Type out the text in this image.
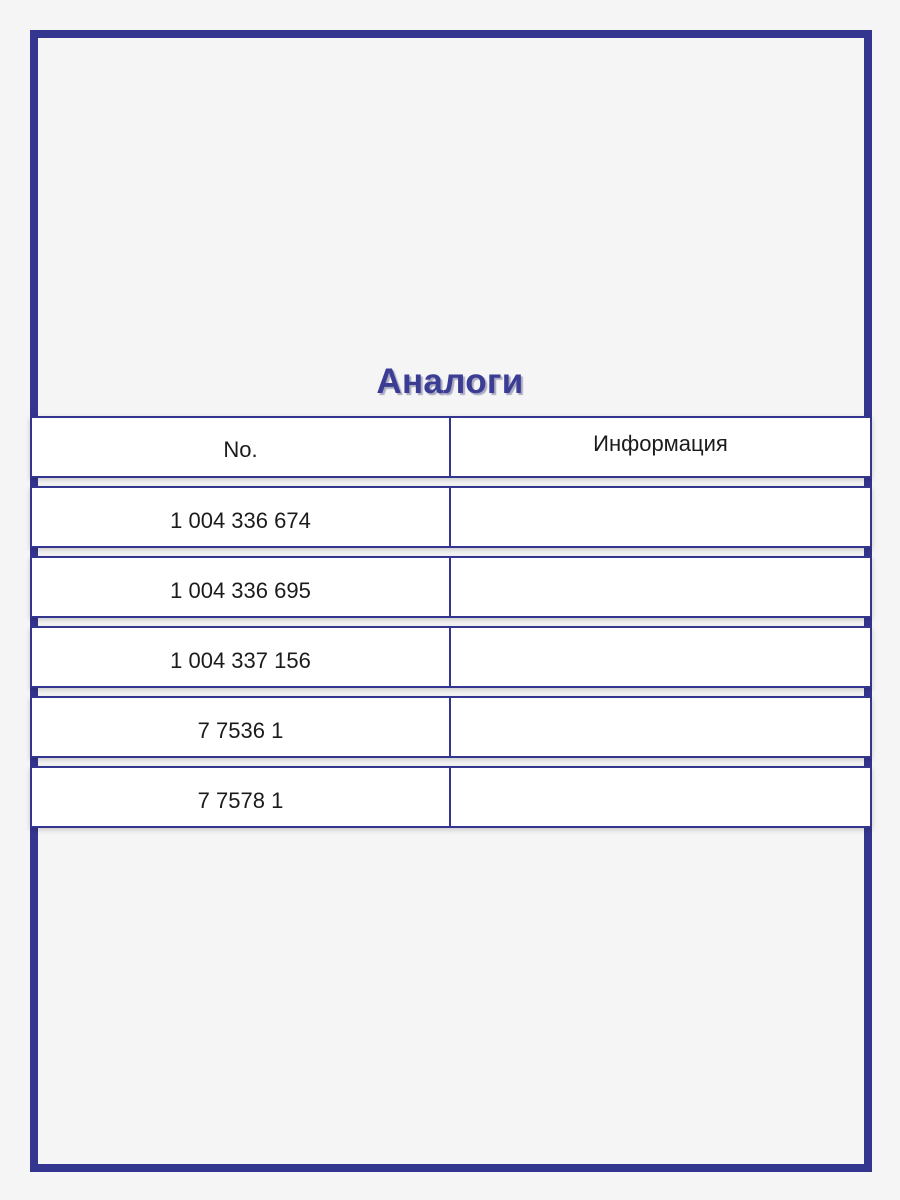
Аналоги
No.	Информация
1 004 336 674
1 004 336 695
1 004 337 156
7 7536 1
7 7578 1
